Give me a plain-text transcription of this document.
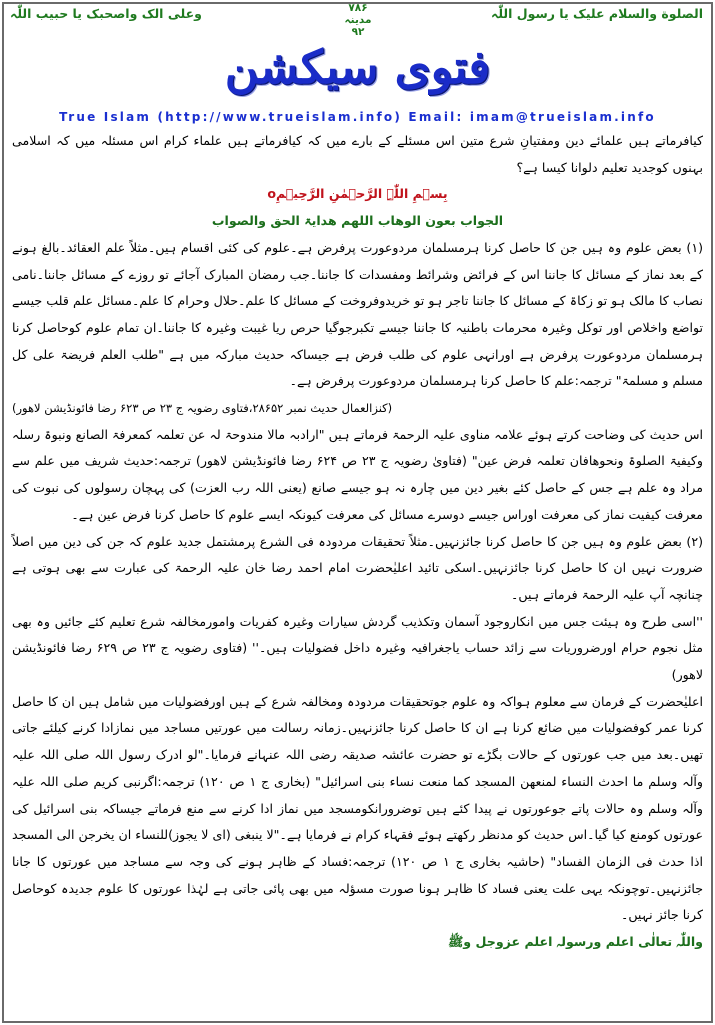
الصلوة والسلام علیک یا رسول اللّٰہ
وعلی الک واصحبک یا حبیب اللّٰہ	۷۸۶
مدینہ
۹۲
فتوی سیکشن
True Islam (http://www.trueislam.info) Email: imam@trueislam.info

کیافرماتے ہیں علمائے دین ومفتیانِ شرع متین اس مسئلے کے بارے میں کہ کیافرماتے ہیں علماء کرام اس مسئلہ میں کہ اسلامی بہنوں کوجدید تعلیم دلوانا کیسا ہے؟

بِسۡمِ اللّٰہِ الرَّحۡمٰنِ الرَّحِیۡمِo

الجواب بعون الوھاب اللھم ھدایۃ الحق والصواب

(۱) بعض علوم وہ ہیں جن کا حاصل کرنا ہرمسلمان مردوعورت پرفرض ہے۔علوم کی کئی اقسام ہیں۔مثلاً علم العقائد۔بالغ ہونے کے بعد نماز کے مسائل کا جاننا اس کے فرائض وشرائط ومفسدات کا جاننا۔جب رمضان المبارک آجائے تو روزے کے مسائل جاننا۔نامی نصاب کا مالک ہو تو زکاۃ کے مسائل کا جاننا تاجر ہو تو خریدوفروخت کے مسائل کا علم۔حلال وحرام کا علم۔مسائل علم قلب جیسے تواضع واخلاص اور توکل وغیرہ محرمات باطنیہ کا جاننا جیسے تکبرجوگیا حرص ریا غیبت وغیرہ کا جاننا۔ان تمام علوم کوحاصل کرنا ہرمسلمان مردوعورت پرفرض ہے اورانہی علوم کی طلب فرض ہے جیساکہ حدیث مبارکہ میں ہے "طلب العلم فریضۃ علی کل مسلم و مسلمۃ" ترجمہ:علم کا حاصل کرنا ہرمسلمان مردوعورت پرفرض ہے۔

(کنزالعمال حدیث نمبر ۲۸۶۵۲،فتاوی رضویہ ج ۲۳ ص ۶۲۳ رضا فائونڈیشن لاهور)

اس حدیث کی وضاحت کرتے ہوئے علامہ مناوی علیہ الرحمۃ فرماتے ہیں "ارادبہ مالا مندوحۃ لہ عن تعلمہ کمعرفۃ الصانع ونبوۃ رسلہ وکیفیۃ الصلوۃ ونحوھافان تعلمہ فرض عین" (فتاویٰ رضویہ ج ۲۳ ص ۶۲۴ رضا فائونڈیشن لاهور) ترجمہ:حدیث شریف میں علم سے مراد وہ علم ہے جس کے حاصل کئے بغیر دین میں چارہ نہ ہو جیسے صانع (یعنی اللہ رب العزت) کی پہچان رسولوں کی نبوت کی معرفت کیفیت نماز کی معرفت اوراس جیسے دوسرے مسائل کی معرفت کیونکہ ایسے علوم کا حاصل کرنا فرض عین ہے۔

(۲) بعض علوم وہ ہیں جن کا حاصل کرنا جائزنہیں۔مثلاً تحقیقات مردودہ فی الشرع پرمشتمل جدید علوم کہ جن کی دین میں اصلاً ضرورت نہیں ان کا حاصل کرنا جائزنہیں۔اسکی تائید اعلیٰحضرت امام احمد رضا خان علیہ الرحمۃ کی عبارت سے بھی ہوتی ہے چنانچہ آپ علیہ الرحمۃ فرماتے ہیں۔

''اسی طرح وہ ہیئت جس میں انکاروجود آسمان وتکذیب گردش سیارات وغیرہ کفریات وامورمخالفہ شرع تعلیم کئے جائیں وہ بھی مثل نجوم حرام اورضروریات سے زائد حساب یاجغرافیہ وغیرہ داخل فضولیات ہیں۔'' (فتاوی رضویہ ج ۲۳ ص ۶۲۹ رضا فائونڈیشن لاهور)

اعلیٰحضرت کے فرمان سے معلوم ہواکہ وہ علوم جوتحقیقات مردودہ ومخالفہ شرع کے ہیں اورفضولیات میں شامل ہیں ان کا حاصل کرنا عمر کوفضولیات میں ضائع کرنا ہے ان کا حاصل کرنا جائزنہیں۔زمانہ رسالت میں عورتیں مساجد میں نمازادا کرنے کیلئے جاتی تھیں۔بعد میں جب عورتوں کے حالات بگڑے تو حضرت عائشہ صدیقہ رضی اللہ عنہانے فرمایا۔"لو ادرک رسول اللہ صلی اللہ علیہ وآلہ وسلم ما احدث النساء لمنعھن المسجد کما منعت نساء بنی اسرائیل" (بخاری ج ۱ ص ۱۲۰) ترجمہ:اگرنبی کریم صلی اللہ علیہ وآلہ وسلم وہ حالات پاتے جوعورتوں نے پیدا کئے ہیں توضرورانکومسجد میں نماز ادا کرنے سے منع فرماتے جیساکہ بنی اسرائیل کی عورتوں کومنع کیا گیا۔اس حدیث کو مدنظر رکھتے ہوئے فقہاء کرام نے فرمایا ہے۔"لا ینبغی (ای لا یجوز)للنساء ان یخرجن الی المسجد اذا حدث فی الزمان الفساد" (حاشیہ بخاری ج ۱ ص ۱۲۰) ترجمہ:فساد کے ظاہر ہونے کی وجہ سے مساجد میں عورتوں کا جانا جائزنہیں۔توچونکہ یہی علت یعنی فساد کا ظاہر ہونا صورت مسؤلہ میں بھی پائی جاتی ہے لہٰذا عورتوں کا علوم جدیدہ کوحاصل کرنا جائز نہیں۔

واللّٰہ تعالٰی اعلم ورسولہ اعلم عزوجل وﷺ
